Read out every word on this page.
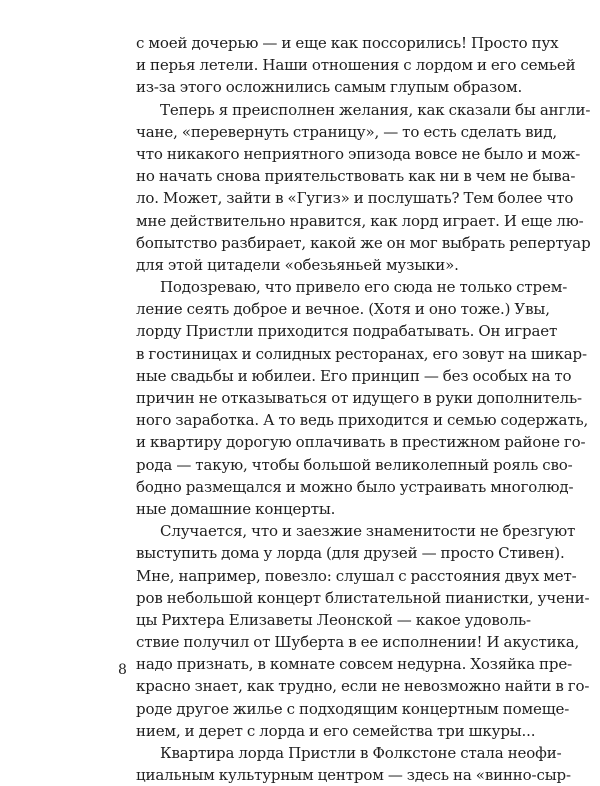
с моей дочерью — и еще как поссорились! Просто пух
и перья летели. Наши отношения с лордом и его семьей
из-за этого осложнились самым глупым образом.
Теперь я преисполнен желания, как сказали бы англи-
чане, «перевернуть страницу», — то есть сделать вид,
что никакого неприятного эпизода вовсе не было и мож-
но начать снова приятельствовать как ни в чем не быва-
ло. Может, зайти в «Гугиз» и послушать? Тем более что
мне действительно нравится, как лорд играет. И еще лю-
бопытство разбирает, какой же он мог выбрать репертуар
для этой цитадели «обезьяньей музыки».
Подозреваю, что привело его сюда не только стрем-
ление сеять доброе и вечное. (Хотя и оно тоже.) Увы,
лорду Пристли приходится подрабатывать. Он играет
в гостиницах и солидных ресторанах, его зовут на шикар-
ные свадьбы и юбилеи. Его принцип — без особых на то
причин не отказываться от идущего в руки дополнитель-
ного заработка. А то ведь приходится и семью содержать,
и квартиру дорогую оплачивать в престижном районе го-
рода — такую, чтобы большой великолепный рояль сво-
бодно размещался и можно было устраивать многолюд-
ные домашние концерты.
Случается, что и заезжие знаменитости не брезгуют
выступить дома у лорда (для друзей — просто Стивен).
Мне, например, повезло: слушал с расстояния двух мет-
ров небольшой концерт блистательной пианистки, учени-
цы Рихтера Елизаветы Леонской — какое удоволь-
ствие получил от Шуберта в ее исполнении! И акустика,
надо признать, в комнате совсем недурна. Хозяйка пре-
красно знает, как трудно, если не невозможно найти в го-
роде другое жилье с подходящим концертным помеще-
нием, и дерет с лорда и его семейства три шкуры...
Квартира лорда Пристли в Фолкстоне стала неофи-
циальным культурным центром — здесь на «винно-сыр-
8
